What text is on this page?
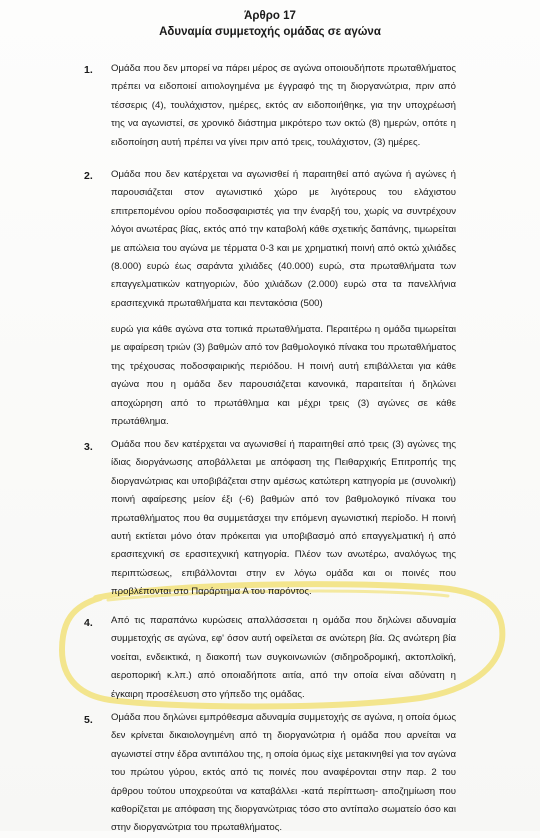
Άρθρο 17
Αδυναμία συμμετοχής ομάδας σε αγώνα
1. Ομάδα που δεν μπορεί να πάρει μέρος σε αγώνα οποιουδήποτε πρωταθλήματος πρέπει να ειδοποιεί αιτιολογημένα με έγγραφό της τη διοργανώτρια, πριν από τέσσερις (4), τουλάχιστον, ημέρες, εκτός αν ειδοποιήθηκε, για την υποχρέωσή της να αγωνιστεί, σε χρονικό διάστημα μικρότερο των οκτώ (8) ημερών, οπότε η ειδοποίηση αυτή πρέπει να γίνει πριν από τρεις, τουλάχιστον, (3) ημέρες.

2. Ομάδα που δεν κατέρχεται να αγωνισθεί ή παραιτηθεί από αγώνα ή αγώνες ή παρουσιάζεται στον αγωνιστικό χώρο με λιγότερους του ελάχιστου επιτρεπομένου ορίου ποδοσφαιριστές για την έναρξή του, χωρίς να συντρέχουν λόγοι ανωτέρας βίας, εκτός από την καταβολή κάθε σχετικής δαπάνης, τιμωρείται με απώλεια του αγώνα με τέρματα 0-3 και με χρηματική ποινή από οκτώ χιλιάδες (8.000) ευρώ έως σαράντα χιλιάδες (40.000) ευρώ, στα πρωταθλήματα των επαγγελματικών κατηγοριών, δύο χιλιάδων (2.000) ευρώ στα τα πανελλήνια ερασιτεχνικά πρωταθλήματα και πεντακόσια (500)

ευρώ για κάθε αγώνα στα τοπικά πρωταθλήματα. Περαιτέρω η ομάδα τιμωρείται με αφαίρεση τριών (3) βαθμών από τον βαθμολογικό πίνακα του πρωταθλήματος της τρέχουσας ποδοσφαιρικής περιόδου. Η ποινή αυτή επιβάλλεται για κάθε αγώνα που η ομάδα δεν παρουσιάζεται κανονικά, παραιτείται ή δηλώνει αποχώρηση από το πρωτάθλημα και μέχρι τρεις (3) αγώνες σε κάθε πρωτάθλημα.

3. Ομάδα που δεν κατέρχεται να αγωνισθεί ή παραιτηθεί από τρεις (3) αγώνες της ίδιας διοργάνωσης αποβάλλεται με απόφαση της Πειθαρχικής Επιτροπής της διοργανώτριας και υποβιβάζεται στην αμέσως κατώτερη κατηγορία με (συνολική) ποινή αφαίρεσης μείον έξι (-6) βαθμών από τον βαθμολογικό πίνακα του πρωταθλήματος που θα συμμετάσχει την επόμενη αγωνιστική περίοδο. Η ποινή αυτή εκτίεται μόνο όταν πρόκειται για υποβιβασμό από επαγγελματική ή από ερασιτεχνική σε ερασιτεχνική κατηγορία. Πλέον των ανωτέρω, αναλόγως της περιπτώσεως, επιβάλλονται στην εν λόγω ομάδα και οι ποινές που προβλέπονται στο Παράρτημα Α του παρόντος.

4. Από τις παραπάνω κυρώσεις απαλλάσσεται η ομάδα που δηλώνει αδυναμία συμμετοχής σε αγώνα, εφ' όσον αυτή οφείλεται σε ανώτερη βία. Ως ανώτερη βία νοείται, ενδεικτικά, η διακοπή των συγκοινωνιών (σιδηροδρομική, ακτοπλοϊκή, αεροπορική κ.λπ.) από οποιαδήποτε αιτία, από την οποία είναι αδύνατη η έγκαιρη προσέλευση στο γήπεδο της ομάδας.

5. Ομάδα που δηλώνει εμπρόθεσμα αδυναμία συμμετοχής σε αγώνα, η οποία όμως δεν κρίνεται δικαιολογημένη από τη διοργανώτρια ή ομάδα που αρνείται να αγωνιστεί στην έδρα αντιπάλου της, η οποία όμως είχε μετακινηθεί για τον αγώνα του πρώτου γύρου, εκτός από τις ποινές που αναφέρονται στην παρ. 2 του άρθρου τούτου υποχρεούται να καταβάλλει -κατά περίπτωση- αποζημίωση που καθορίζεται με απόφαση της διοργανώτριας τόσο στο αντίπαλο σωματείο όσο και στην διοργανώτρια του πρωταθλήματος.
